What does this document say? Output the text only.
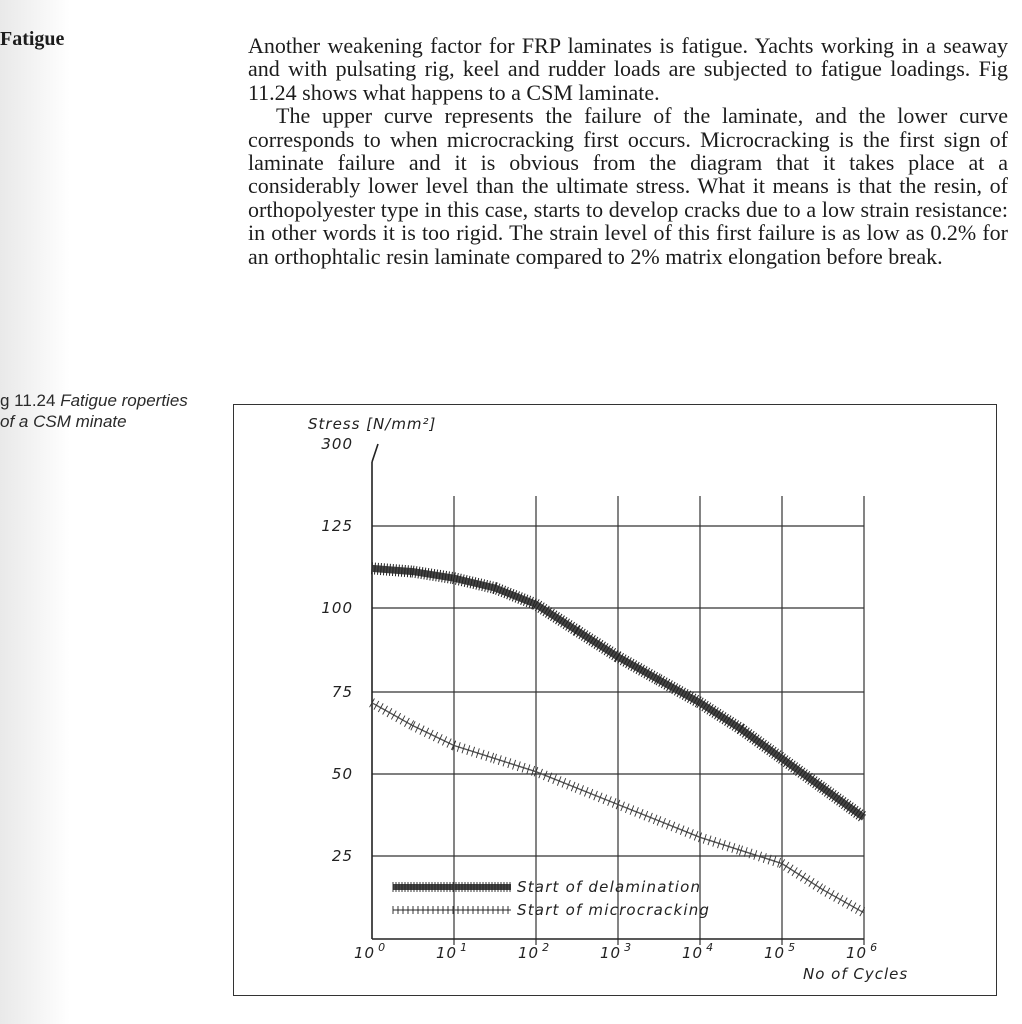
Fatigue	Another weakening factor for FRP laminates is fatigue. Yachts working in a seaway and with pulsating rig, keel and rudder loads are subjected to fatigue loadings. Fig 11.24 shows what happens to a CSM laminate.

The upper curve represents the failure of the laminate, and the lower curve corresponds to when microcracking first occurs. Microcracking is the first sign of laminate failure and it is obvious from the diagram that it takes place at a considerably lower level than the ultimate stress. What it means is that the resin, of orthopolyester type in this case, starts to develop cracks due to a low strain resistance: in other words it is too rigid. The strain level of this first failure is as low as 0.2% for an orthophtalic resin laminate compared to 2% matrix elongation before break.

g 11.24 Fatigue roperties of a CSM minate
300
125
100
75
50
25
10 $^0$	10 $^1$	10 $^2$	10 $^3$	10 $^4$	10 $^5$	10 $^6$
Start of delamination
Start of microcracking
Stress [N/mm²]
No of Cycles
